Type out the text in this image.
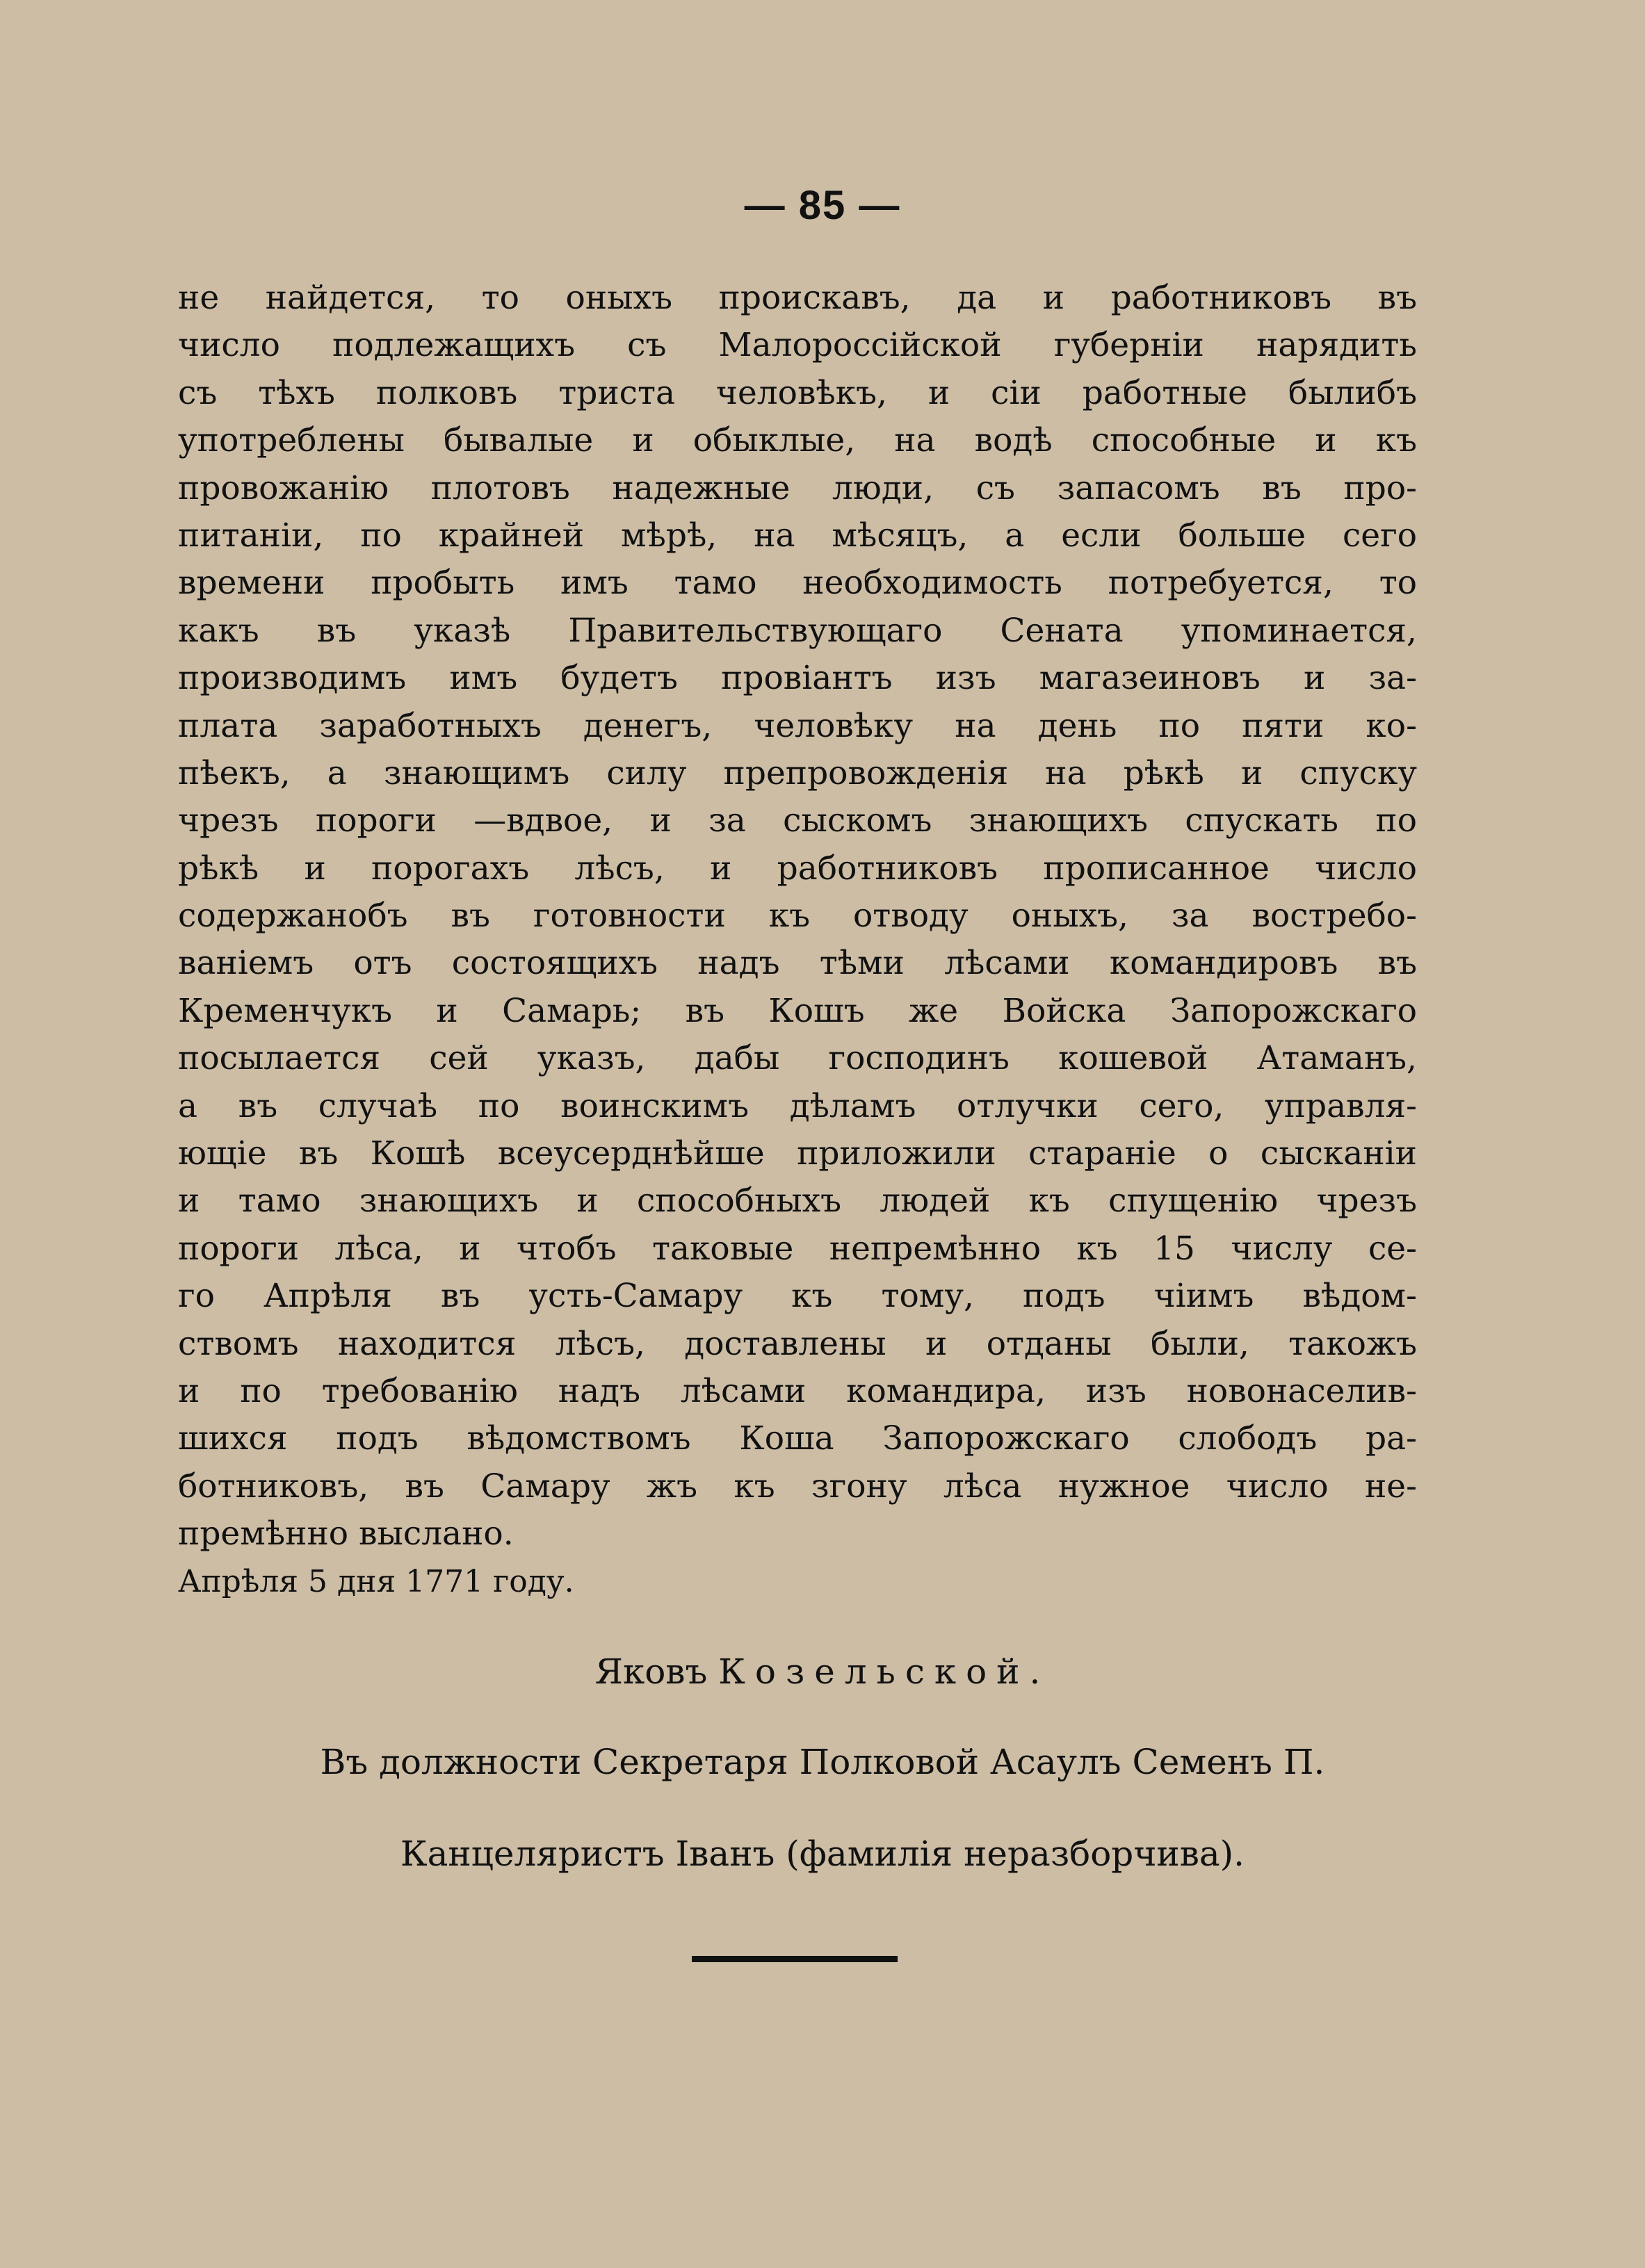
— 85 —
не найдется, то оныхъ проискавъ, да и работниковъ въ
число подлежащихъ съ Малороссійской губерніи нарядить
съ тѣхъ полковъ триста человѣкъ, и сіи работные былибъ
употреблены бывалые и обыклые, на водѣ способные и къ
провожанію плотовъ надежные люди, съ запасомъ въ про-
питаніи, по крайней мѣрѣ, на мѣсяцъ, а если больше сего
времени пробыть имъ тамо необходимость потребуется, то
какъ въ указѣ Правительствующаго Сената упоминается,
производимъ имъ будетъ провіантъ изъ магазеиновъ и за-
плата заработныхъ денегъ, человѣку на день по пяти ко-
пѣекъ, а знающимъ силу препровожденія на рѣкѣ и спуску
чрезъ пороги —вдвое, и за сыскомъ знающихъ спускать по
рѣкѣ и порогахъ лѣсъ, и работниковъ прописанное число
содержанобъ въ готовности къ отводу оныхъ, за востребо-
ваніемъ отъ состоящихъ надъ тѣми лѣсами командировъ въ
Кременчукъ и Самарь; въ Кошъ же Войска Запорожскаго
посылается сей указъ, дабы господинъ кошевой Атаманъ,
а въ случаѣ по воинскимъ дѣламъ отлучки сего, управля-
ющіе въ Кошѣ всеусерднѣйше приложили стараніе о сысканіи
и тамо знающихъ и способныхъ людей къ спущенію чрезъ
пороги лѣса, и чтобъ таковые непремѣнно къ 15 числу се-
го Апрѣля въ усть-Самару къ тому, подъ чіимъ вѣдом-
ствомъ находится лѣсъ, доставлены и отданы были, такожъ
и по требованію надъ лѣсами командира, изъ новонаселив-
шихся подъ вѣдомствомъ Коша Запорожскаго слободъ ра-
ботниковъ, въ Самару жъ къ згону лѣса нужное число не-
премѣнно выслано.
Апрѣля 5 дня 1771 году.
Яковъ Козельской.
Въ должности Секретаря Полковой Асаулъ Семенъ П.
Канцеляристъ Іванъ (фамилія неразборчива).
